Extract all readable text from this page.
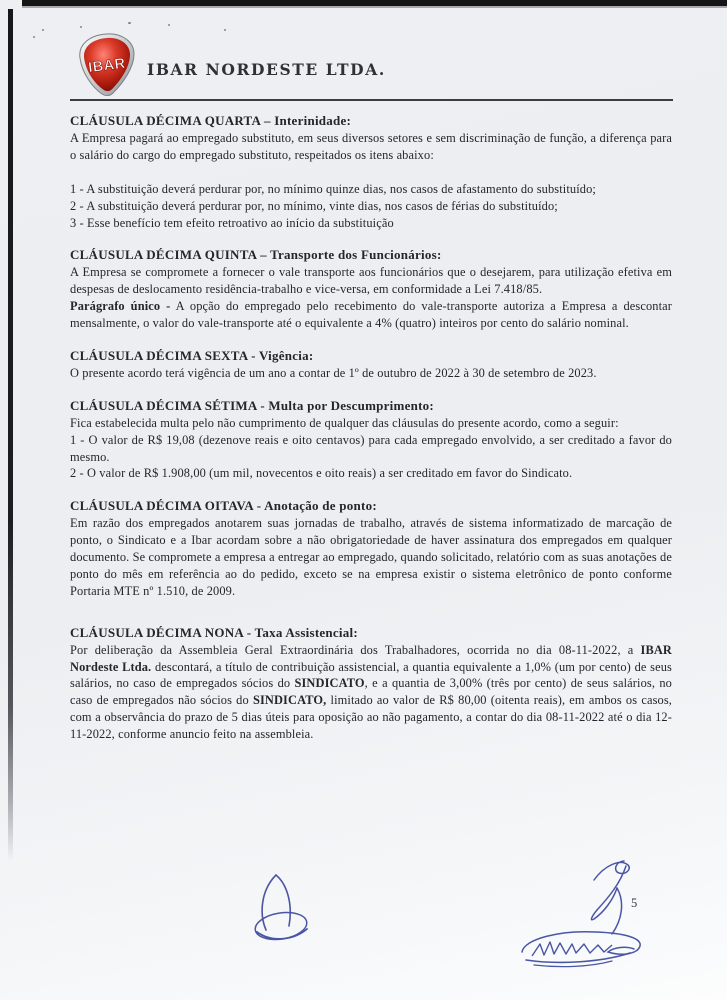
IBAR IBAR NORDESTE LTDA.

CLÁUSULA DÉCIMA QUARTA – Interinidade:

A Empresa pagará ao empregado substituto, em seus diversos setores e sem discriminação de função, a diferença para o salário do cargo do empregado substituto, respeitados os itens abaixo:

1 - A substituição deverá perdurar por, no mínimo quinze dias, nos casos de afastamento do substituído;

2 - A substituição deverá perdurar por, no mínimo, vinte dias, nos casos de férias do substituído;

3 - Esse benefício tem efeito retroativo ao início da substituição

CLÁUSULA DÉCIMA QUINTA – Transporte dos Funcionários:

A Empresa se compromete a fornecer o vale transporte aos funcionários que o desejarem, para utilização efetiva em despesas de deslocamento residência-trabalho e vice-versa, em conformidade a Lei 7.418/85.

Parágrafo único - A opção do empregado pelo recebimento do vale-transporte autoriza a Empresa a descontar mensalmente, o valor do vale-transporte até o equivalente a 4% (quatro) inteiros por cento do salário nominal.

CLÁUSULA DÉCIMA SEXTA - Vigência:

O presente acordo terá vigência de um ano a contar de 1º de outubro de 2022 à 30 de setembro de 2023.

CLÁUSULA DÉCIMA SÉTIMA - Multa por Descumprimento:

Fica estabelecida multa pelo não cumprimento de qualquer das cláusulas do presente acordo, como a seguir:

1 - O valor de R$ 19,08 (dezenove reais e oito centavos) para cada empregado envolvido, a ser creditado a favor do mesmo.

2 - O valor de R$ 1.908,00 (um mil, novecentos e oito reais) a ser creditado em favor do Sindicato.

CLÁUSULA DÉCIMA OITAVA - Anotação de ponto:

Em razão dos empregados anotarem suas jornadas de trabalho, através de sistema informatizado de marcação de ponto, o Sindicato e a Ibar acordam sobre a não obrigatoriedade de haver assinatura dos empregados em qualquer documento. Se compromete a empresa a entregar ao empregado, quando solicitado, relatório com as suas anotações de ponto do mês em referência ao do pedido, exceto se na empresa existir o sistema eletrônico de ponto conforme Portaria MTE nº 1.510, de 2009.

CLÁUSULA DÉCIMA NONA - Taxa Assistencial:

Por deliberação da Assembleia Geral Extraordinária dos Trabalhadores, ocorrida no dia 08-11-2022, a IBAR Nordeste Ltda. descontará, a título de contribuição assistencial, a quantia equivalente a 1,0% (um por cento) de seus salários, no caso de empregados sócios do SINDICATO, e a quantia de 3,00% (três por cento) de seus salários, no caso de empregados não sócios do SINDICATO, limitado ao valor de R$ 80,00 (oitenta reais), em ambos os casos, com a observância do prazo de 5 dias úteis para oposição ao não pagamento, a contar do dia 08-11-2022 até o dia 12-11-2022, conforme anuncio feito na assembleia.

5
